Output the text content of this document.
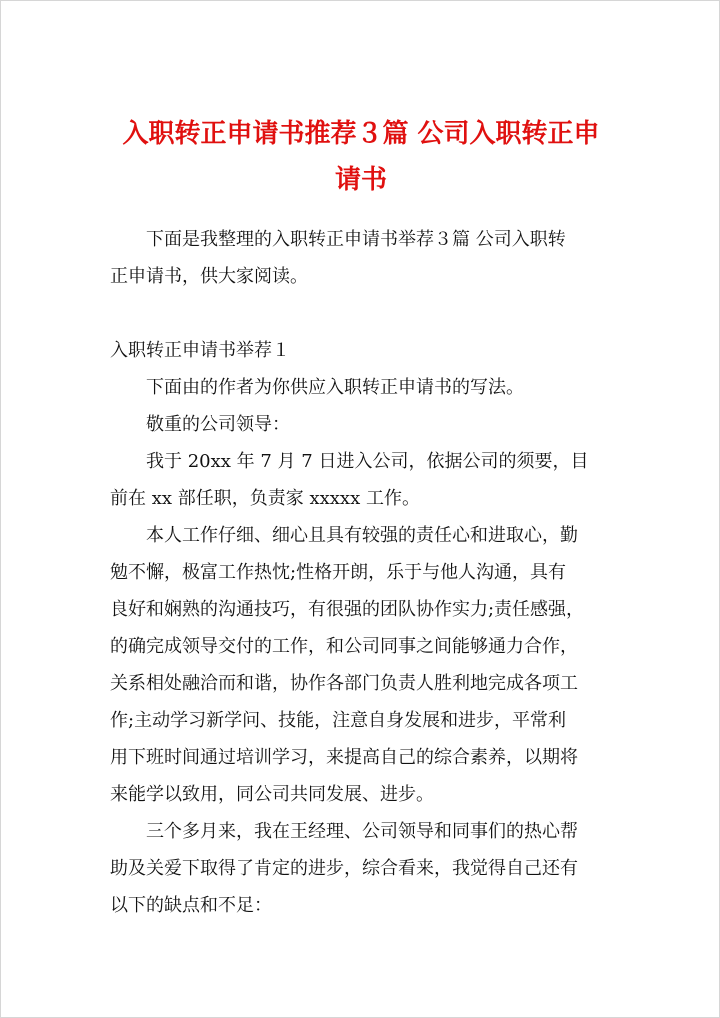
入职转正申请书推荐３篇 公司入职转正申
请书
下面是我整理的入职转正申请书举荐３篇 公司入职转
正申请书，供大家阅读。
入职转正申请书举荐１
下面由的作者为你供应入职转正申请书的写法。
敬重的公司领导：
我于 20xx 年 7 月 7 日进入公司，依据公司的须要，目
前在 xx 部任职，负责家 xxxxx 工作。
本人工作仔细、细心且具有较强的责任心和进取心，勤
勉不懈，极富工作热忱;性格开朗，乐于与他人沟通，具有
良好和娴熟的沟通技巧，有很强的团队协作实力;责任感强，
的确完成领导交付的工作，和公司同事之间能够通力合作，
关系相处融洽而和谐，协作各部门负责人胜利地完成各项工
作;主动学习新学问、技能，注意自身发展和进步，平常利
用下班时间通过培训学习，来提高自己的综合素养，以期将
来能学以致用，同公司共同发展、进步。
三个多月来，我在王经理、公司领导和同事们的热心帮
助及关爱下取得了肯定的进步，综合看来，我觉得自己还有
以下的缺点和不足：
